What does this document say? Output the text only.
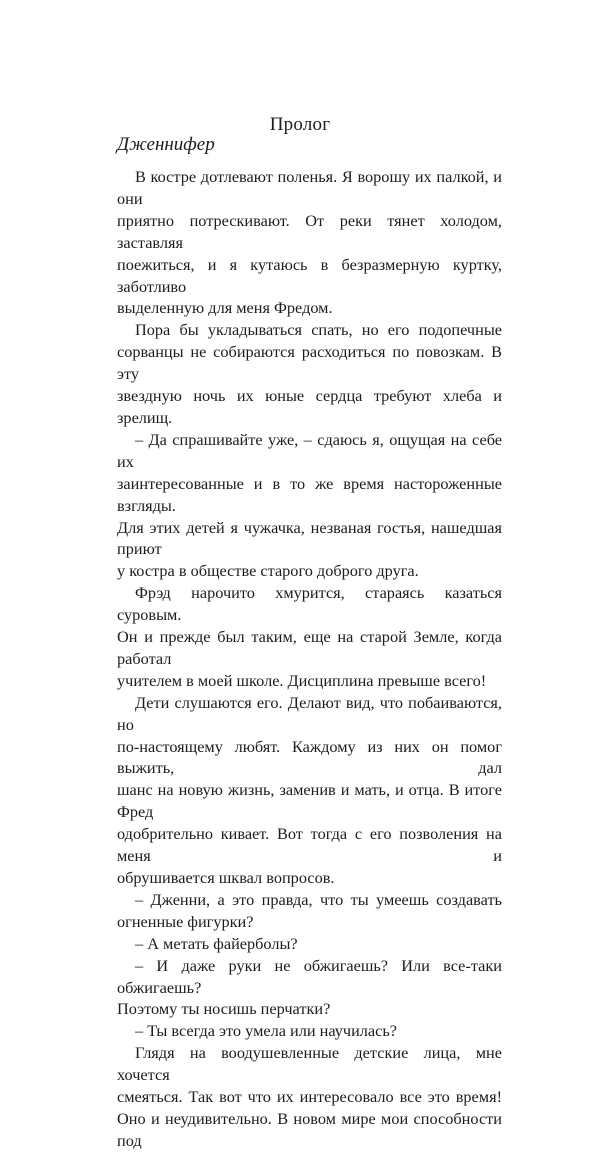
Пролог
Дженнифер

В костре дотлевают поленья. Я ворошу их палкой, и они

приятно потрескивают. От реки тянет холодом, заставляя

поежиться, и я кутаюсь в безразмерную куртку, заботливо

выделенную для меня Фредом.

Пора бы укладываться спать, но его подопечные

сорванцы не собираются расходиться по повозкам. В эту

звездную ночь их юные сердца требуют хлеба и зрелищ.

– Да спрашивайте уже, – сдаюсь я, ощущая на себе их

заинтересованные и в то же время настороженные взгляды.

Для этих детей я чужачка, незваная гостья, нашедшая приют

у костра в обществе старого доброго друга.

Фрэд нарочито хмурится, стараясь казаться суровым.

Он и прежде был таким, еще на старой Земле, когда работал

учителем в моей школе. Дисциплина превыше всего!

Дети слушаются его. Делают вид, что побаиваются, но

по-настоящему любят. Каждому из них он помог выжить, дал

шанс на новую жизнь, заменив и мать, и отца. В итоге Фред

одобрительно кивает. Вот тогда с его позволения на меня и

обрушивается шквал вопросов.

– Дженни, а это правда, что ты умеешь создавать

огненные фигурки?

– А метать файерболы?

– И даже руки не обжигаешь? Или все-таки обжигаешь?

Поэтому ты носишь перчатки?

– Ты всегда это умела или научилась?

Глядя на воодушевленные детские лица, мне хочется

смеяться. Так вот что их интересовало все это время!

Оно и неудивительно. В новом мире мои способности под
